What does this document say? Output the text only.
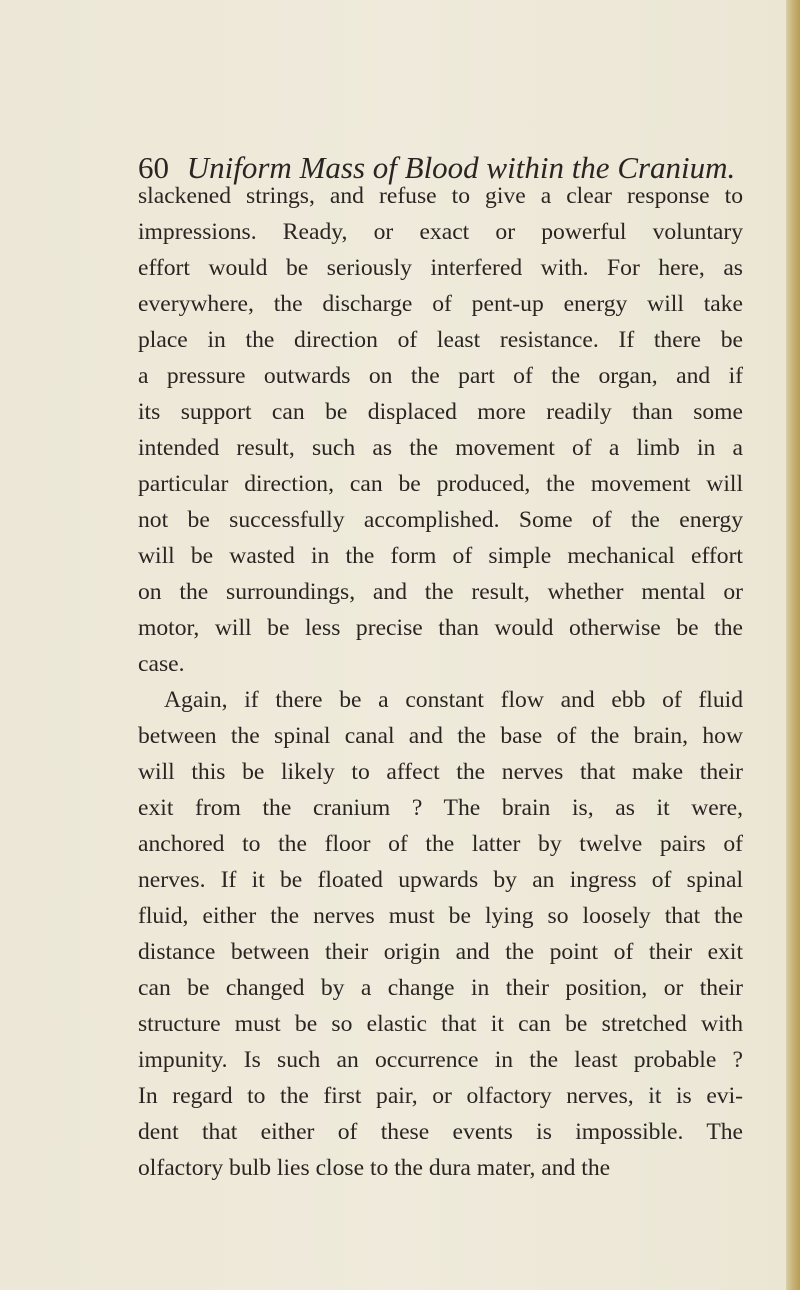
60 Uniform Mass of Blood within the Cranium.
slackened strings, and refuse to give a clear response to
impressions. Ready, or exact or powerful voluntary
effort would be seriously interfered with. For here, as
everywhere, the discharge of pent-up energy will take
place in the direction of least resistance. If there be
a pressure outwards on the part of the organ, and if
its support can be displaced more readily than some
intended result, such as the movement of a limb in a
particular direction, can be produced, the movement will
not be successfully accomplished. Some of the energy
will be wasted in the form of simple mechanical effort
on the surroundings, and the result, whether mental or
motor, will be less precise than would otherwise be the
case.
Again, if there be a constant flow and ebb of fluid
between the spinal canal and the base of the brain, how
will this be likely to affect the nerves that make their
exit from the cranium ? The brain is, as it were,
anchored to the floor of the latter by twelve pairs of
nerves. If it be floated upwards by an ingress of spinal
fluid, either the nerves must be lying so loosely that the
distance between their origin and the point of their exit
can be changed by a change in their position, or their
structure must be so elastic that it can be stretched with
impunity. Is such an occurrence in the least probable ?
In regard to the first pair, or olfactory nerves, it is evi-
dent that either of these events is impossible. The
olfactory bulb lies close to the dura mater, and the
